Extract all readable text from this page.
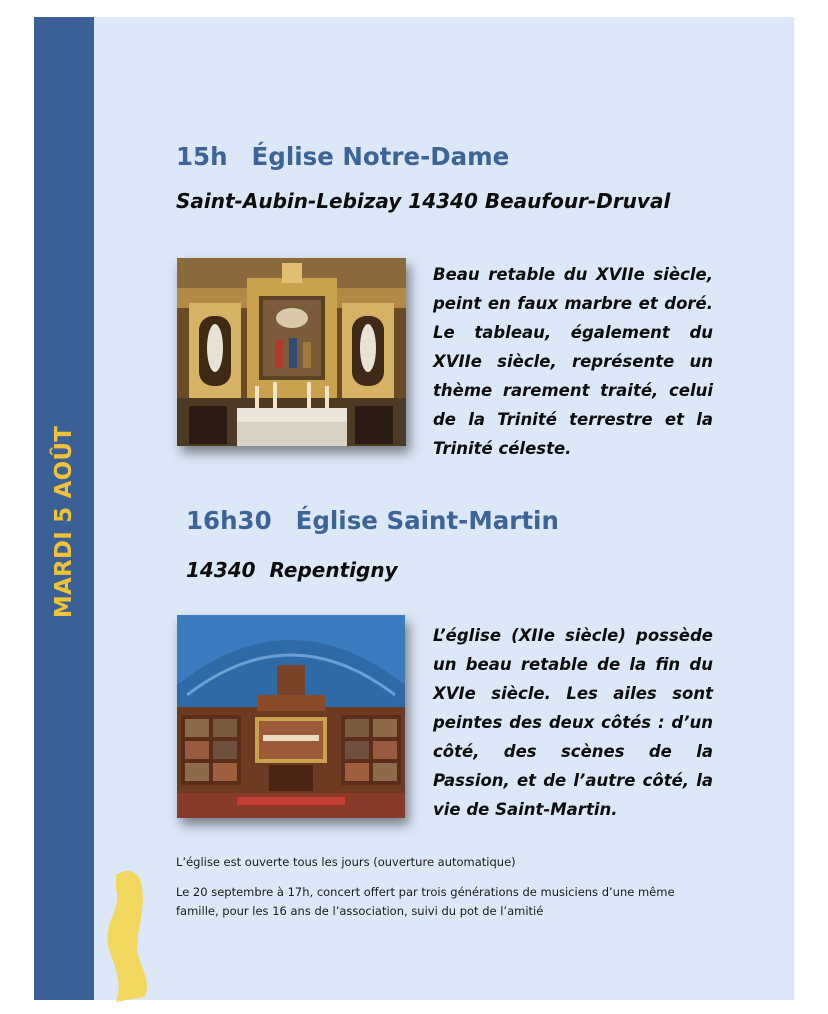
MARDI 5 AOÛT
15h Église Notre-Dame
Saint-Aubin-Lebizay 14340 Beaufour-Druval
Beau retable du XVIIe siècle, peint en faux marbre et doré. Le tableau, également du XVIIe siècle, représente un thème rarement traité, celui de la Trinité terrestre et la Trinité céleste.
16h30 Église Saint-Martin
14340  Repentigny
L’église (XIIe siècle) possède un beau retable de la fin du XVIe siècle. Les ailes sont peintes des deux côtés : d’un côté, des scènes de la Passion, et de l’autre côté, la vie de Saint-Martin.
L’église est ouverte tous les jours (ouverture automatique)
Le 20 septembre à 17h, concert offert par trois générations de musiciens d’une même famille, pour les 16 ans de l’association, suivi du pot de l’amitié
